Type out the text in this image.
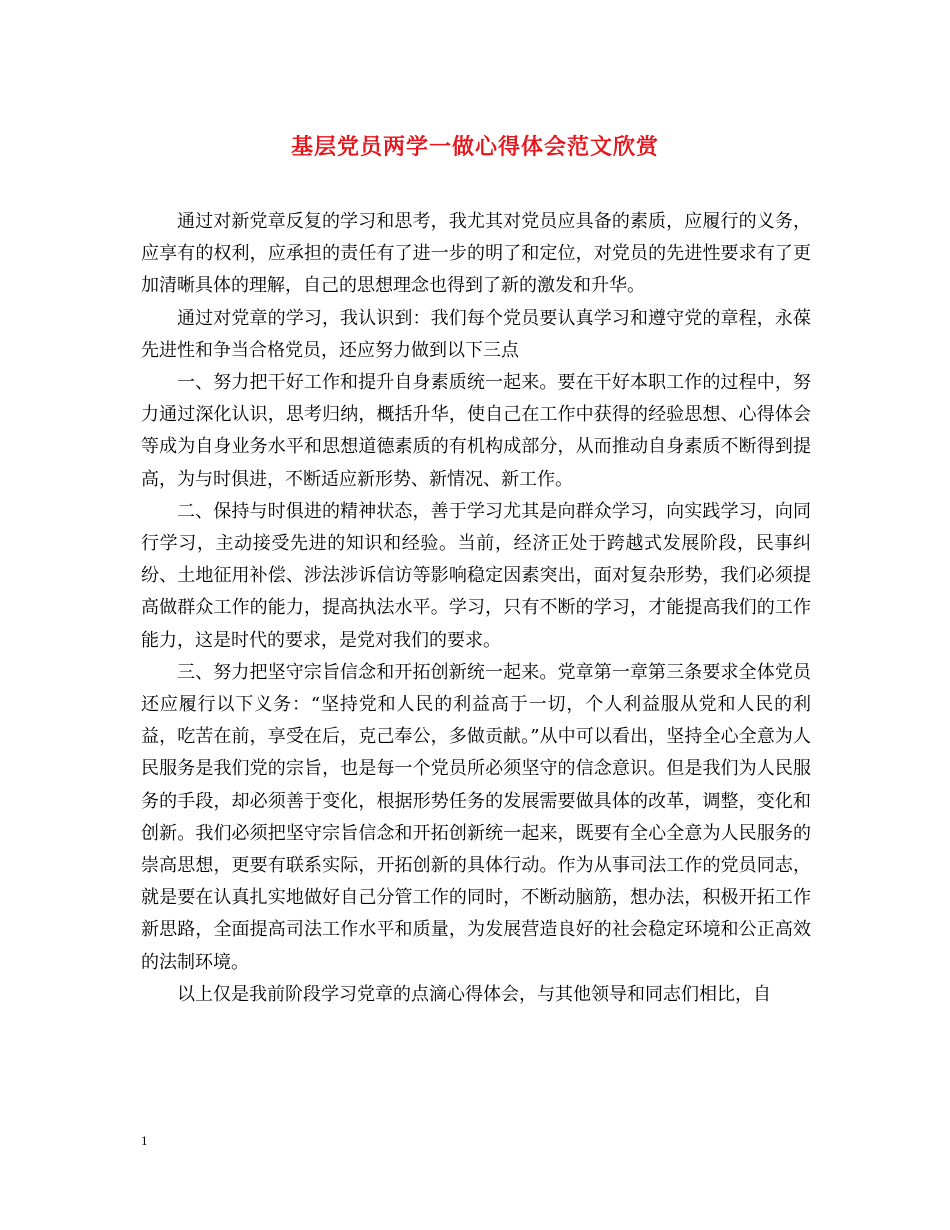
基层党员两学一做心得体会范文欣赏

通过对新党章反复的学习和思考，我尤其对党员应具备的素质，应履行的义务，应享有的权利，应承担的责任有了进一步的明了和定位，对党员的先进性要求有了更加清晰具体的理解，自己的思想理念也得到了新的激发和升华。

通过对党章的学习，我认识到：我们每个党员要认真学习和遵守党的章程，永葆先进性和争当合格党员，还应努力做到以下三点

一、努力把干好工作和提升自身素质统一起来。要在干好本职工作的过程中，努力通过深化认识，思考归纳，概括升华，使自己在工作中获得的经验思想、心得体会等成为自身业务水平和思想道德素质的有机构成部分，从而推动自身素质不断得到提高，为与时俱进，不断适应新形势、新情况、新工作。

二、保持与时俱进的精神状态，善于学习尤其是向群众学习，向实践学习，向同行学习，主动接受先进的知识和经验。当前，经济正处于跨越式发展阶段，民事纠纷、土地征用补偿、涉法涉诉信访等影响稳定因素突出，面对复杂形势，我们必须提高做群众工作的能力，提高执法水平。学习，只有不断的学习，才能提高我们的工作能力，这是时代的要求，是党对我们的要求。

三、努力把坚守宗旨信念和开拓创新统一起来。党章第一章第三条要求全体党员还应履行以下义务：“坚持党和人民的利益高于一切，个人利益服从党和人民的利益，吃苦在前，享受在后，克己奉公，多做贡献。”从中可以看出，坚持全心全意为人民服务是我们党的宗旨，也是每一个党员所必须坚守的信念意识。但是我们为人民服务的手段，却必须善于变化，根据形势任务的发展需要做具体的改革，调整，变化和创新。我们必须把坚守宗旨信念和开拓创新统一起来，既要有全心全意为人民服务的崇高思想，更要有联系实际，开拓创新的具体行动。作为从事司法工作的党员同志，就是要在认真扎实地做好自己分管工作的同时，不断动脑筋，想办法，积极开拓工作新思路，全面提高司法工作水平和质量，为发展营造良好的社会稳定环境和公正高效的法制环境。

以上仅是我前阶段学习党章的点滴心得体会，与其他领导和同志们相比，自

1
